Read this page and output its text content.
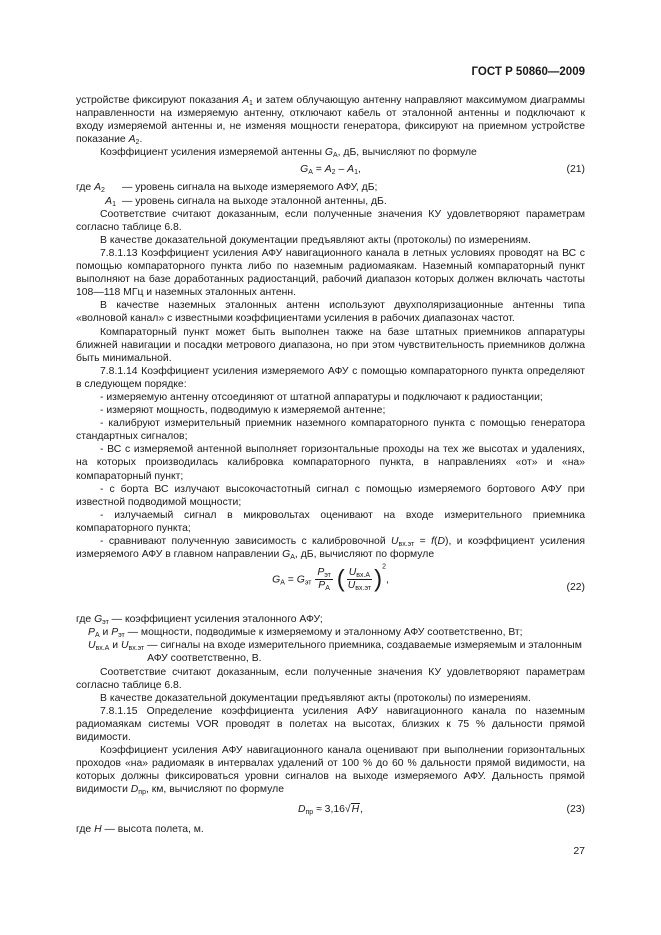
ГОСТ Р 50860—2009

устройстве фиксируют показания $A_1$ и затем облучающую антенну направляют максимумом диаграммы направленности на измеряемую антенну, отключают кабель от эталонной антенны и подключают к входу измеряемой антенны и, не изменяя мощности генератора, фиксируют на приемном устройстве показание $A_2$.

Коэффициент усиления измеряемой антенны $G_А$, дБ, вычисляют по формуле

$G_А = A_2 - A_1$,	(21)
где $A_2$	— уровень сигнала на выходе измеряемого АФУ, дБ;
$A_1$ — уровень сигнала на выходе эталонной антенны, дБ.

Соответствие считают доказанным, если полученные значения КУ удовлетворяют параметрам согласно таблице 6.8.

В качестве доказательной документации предъявляют акты (протоколы) по измерениям.

7.8.1.13 Коэффициент усиления АФУ навигационного канала в летных условиях проводят на ВС с помощью компараторного пункта либо по наземным радиомаякам. Наземный компараторный пункт выполняют на базе доработанных радиостанций, рабочий диапазон которых должен включать частоты 108—118 МГц и наземных эталонных антенн.

В качестве наземных эталонных антенн используют двухполяризационные антенны типа «волновой канал» с известными коэффициентами усиления в рабочих диапазонах частот.

Компараторный пункт может быть выполнен также на базе штатных приемников аппаратуры ближней навигации и посадки метрового диапазона, но при этом чувствительность приемников должна быть минимальной.

7.8.1.14 Коэффициент усиления измеряемого АФУ с помощью компараторного пункта определяют в следующем порядке:

- измеряемую антенну отсоединяют от штатной аппаратуры и подключают к радиостанции;

- измеряют мощность, подводимую к измеряемой антенне;

- калибруют измерительный приемник наземного компараторного пункта с помощью генератора стандартных сигналов;

- ВС с измеряемой антенной выполняет горизонтальные проходы на тех же высотах и удалениях, на которых производилась калибровка компараторного пункта, в направлениях «от» и «на» компараторный пункт;

- с борта ВС излучают высокочастотный сигнал с помощью измеряемого бортового АФУ при известной подводимой мощности;

- излучаемый сигнал в микровольтах оценивают на входе измерительного приемника компараторного пункта;

- сравнивают полученную зависимость с калибровочной $U_{вх.эт} = f(D)$, и коэффициент усиления измеряемого АФУ в главном направлении $G_А$, дБ, вычисляют по формуле

$G_А = G_{эт} \frac{P_{эт}}{P_А}$ ( $\frac{U_{вх.А}}{U_{вх.эт}} )^2$,
(22)
где $G_{эт}$ — коэффициент усиления эталонного АФУ;
$P_А$ и $P_{эт}$ — мощности, подводимые к измеряемому и эталонному АФУ соответственно, Вт;
$U_{вх.А}$ и $U_{вх.эт}$ — сигналы на входе измерительного приемника, создаваемые измеряемым и эталонным АФУ соответственно, В.

Соответствие считают доказанным, если полученные значения КУ удовлетворяют параметрам согласно таблице 6.8.

В качестве доказательной документации предъявляют акты (протоколы) по измерениям.

7.8.1.15 Определение коэффициента усиления АФУ навигационного канала по наземным радиомаякам системы VOR проводят в полетах на высотах, близких к 75 % дальности прямой видимости.

Коэффициент усиления АФУ навигационного канала оценивают при выполнении горизонтальных проходов «на» радиомаяк в интервалах удалений от 100 % до 60 % дальности прямой видимости, на которых должны фиксироваться уровни сигналов на выходе измеряемого АФУ. Дальность прямой видимости $D_{пр}$, км, вычисляют по формуле

$D_{пр} \approx 3,16√H$,	(23)

где H — высота полета, м.

27
